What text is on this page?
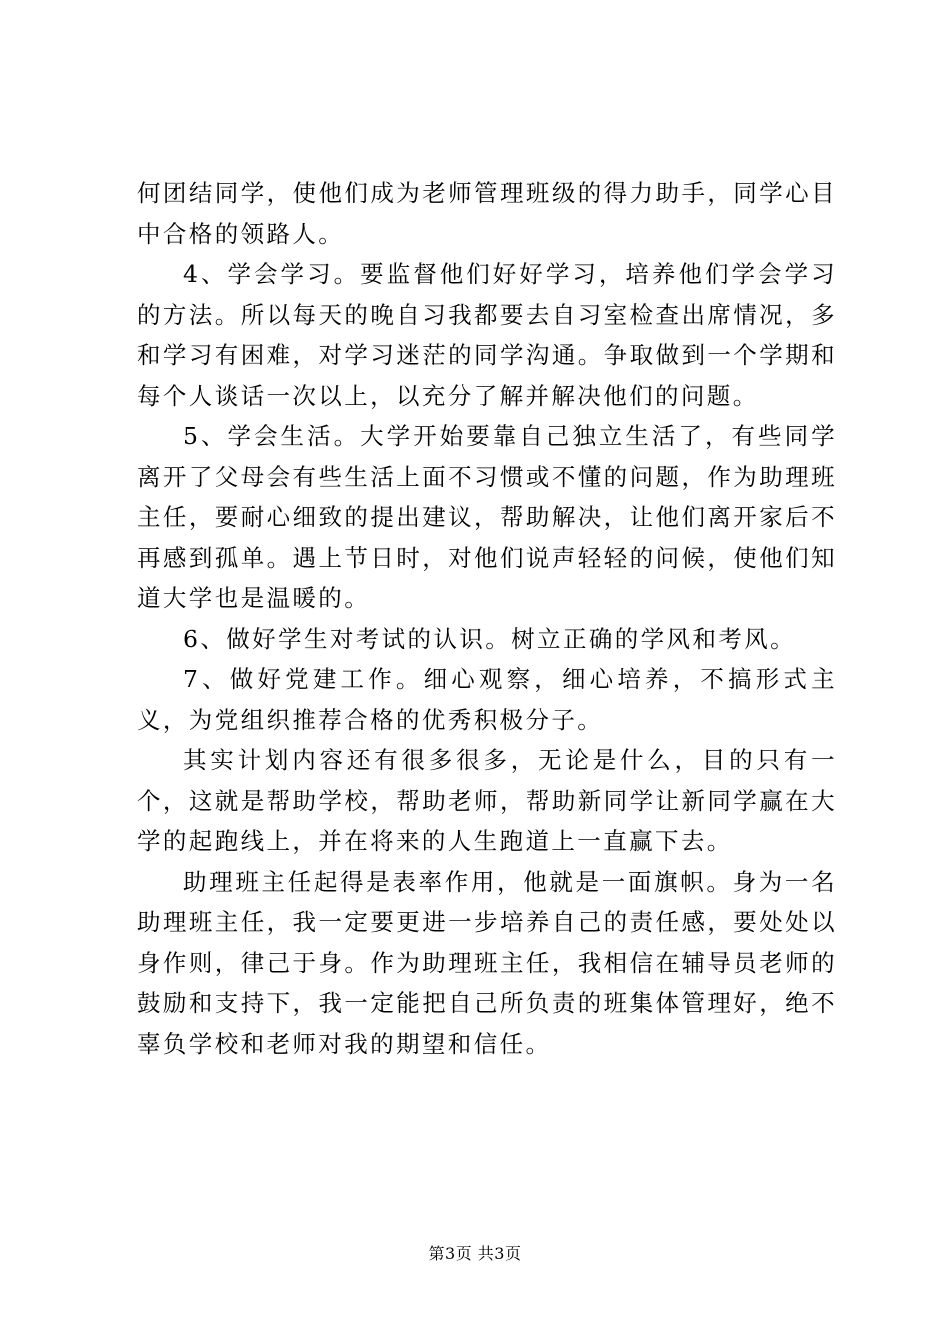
何团结同学，使他们成为老师管理班级的得力助手，同学心目中合格的领路人。

4、学会学习。要监督他们好好学习，培养他们学会学习的方法。所以每天的晚自习我都要去自习室检查出席情况，多和学习有困难，对学习迷茫的同学沟通。争取做到一个学期和每个人谈话一次以上，以充分了解并解决他们的问题。

5、学会生活。大学开始要靠自己独立生活了，有些同学离开了父母会有些生活上面不习惯或不懂的问题，作为助理班主任，要耐心细致的提出建议，帮助解决，让他们离开家后不再感到孤单。遇上节日时，对他们说声轻轻的问候，使他们知道大学也是温暖的。

6、做好学生对考试的认识。树立正确的学风和考风。

7、做好党建工作。细心观察，细心培养，不搞形式主义，为党组织推荐合格的优秀积极分子。

其实计划内容还有很多很多，无论是什么，目的只有一个，这就是帮助学校，帮助老师，帮助新同学让新同学赢在大学的起跑线上，并在将来的人生跑道上一直赢下去。

助理班主任起得是表率作用，他就是一面旗帜。身为一名助理班主任，我一定要更进一步培养自己的责任感，要处处以身作则，律己于身。作为助理班主任，我相信在辅导员老师的鼓励和支持下，我一定能把自己所负责的班集体管理好，绝不辜负学校和老师对我的期望和信任。

第3页 共3页
